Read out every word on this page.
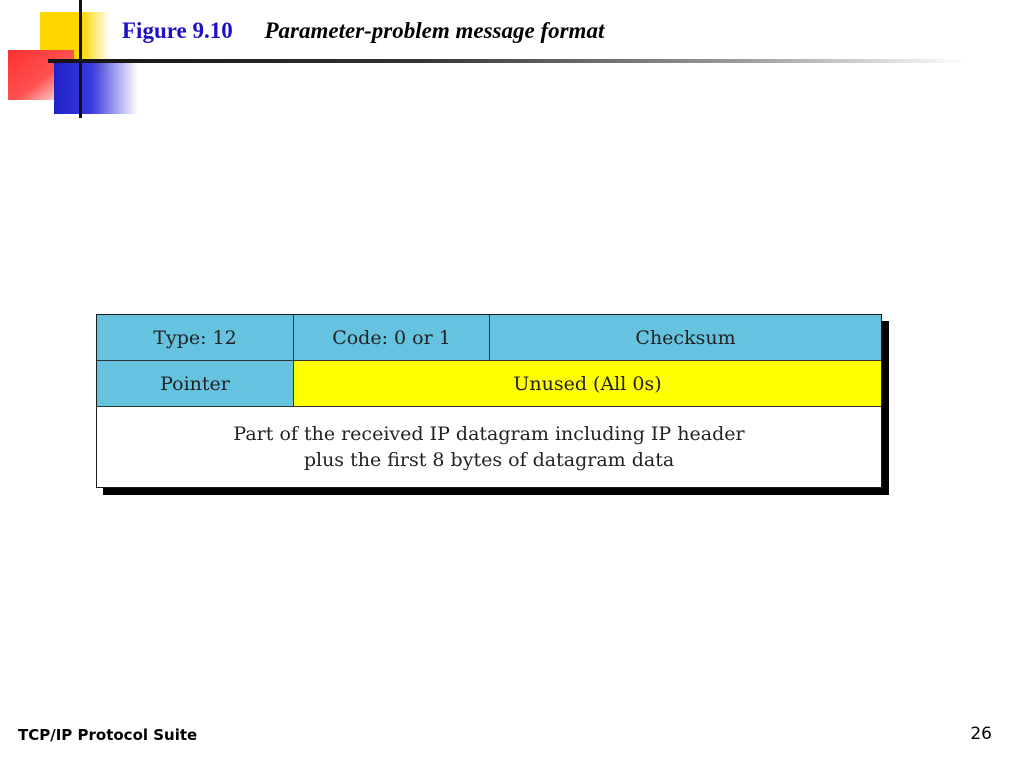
Figure 9.10 Parameter-problem message format
Type: 12	Code: 0 or 1	Checksum
Pointer	Unused (All 0s)
Part of the received IP datagram including IP header
plus the first 8 bytes of datagram data
TCP/IP Protocol Suite	26
